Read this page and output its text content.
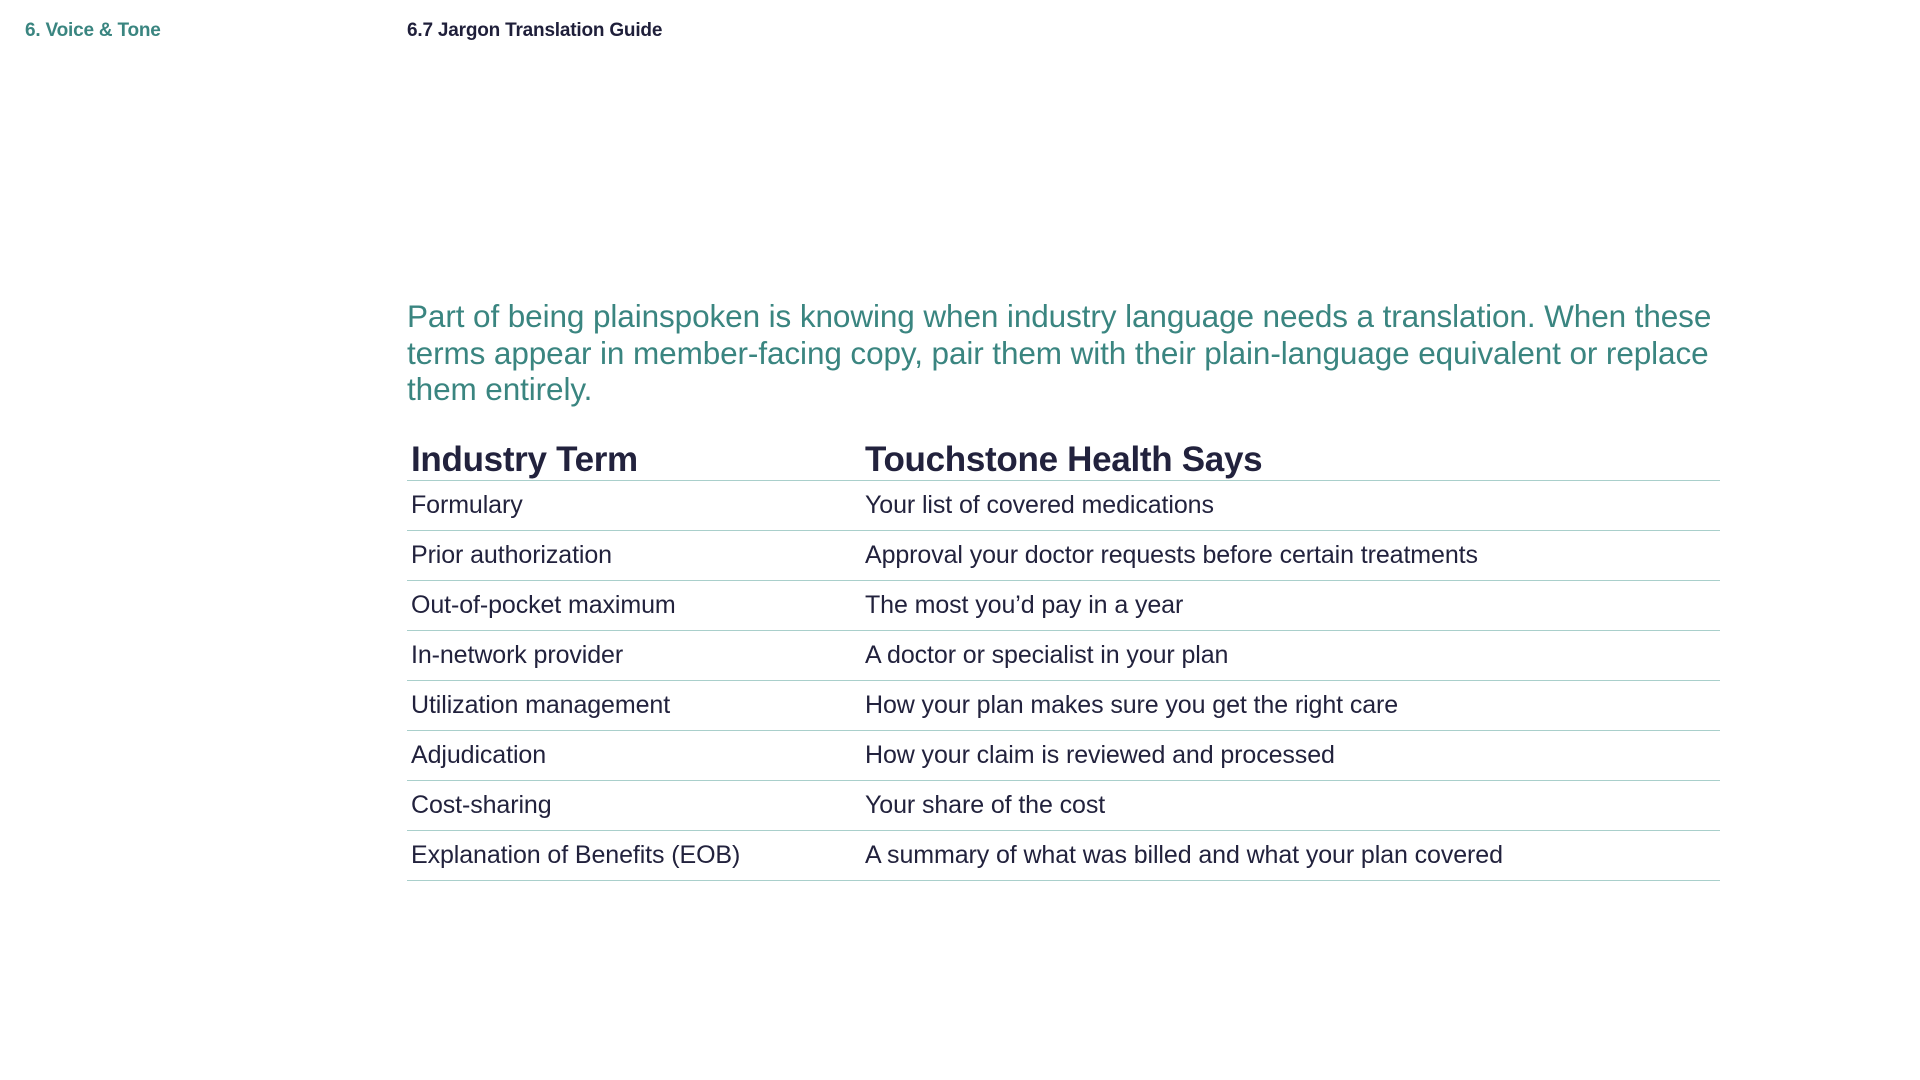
6. Voice & Tone	6.7 Jargon Translation Guide

Part of being plainspoken is knowing when industry language needs a translation. When these terms appear in member-facing copy, pair them with their plain-language equivalent or replace them entirely.

Industry Term	Touchstone Health Says
Formulary	Your list of covered medications
Prior authorization	Approval your doctor requests before certain treatments
Out-of-pocket maximum	The most you’d pay in a year
In-network provider	A doctor or specialist in your plan
Utilization management	How your plan makes sure you get the right care
Adjudication	How your claim is reviewed and processed
Cost-sharing	Your share of the cost
Explanation of Benefits (EOB)	A summary of what was billed and what your plan covered
